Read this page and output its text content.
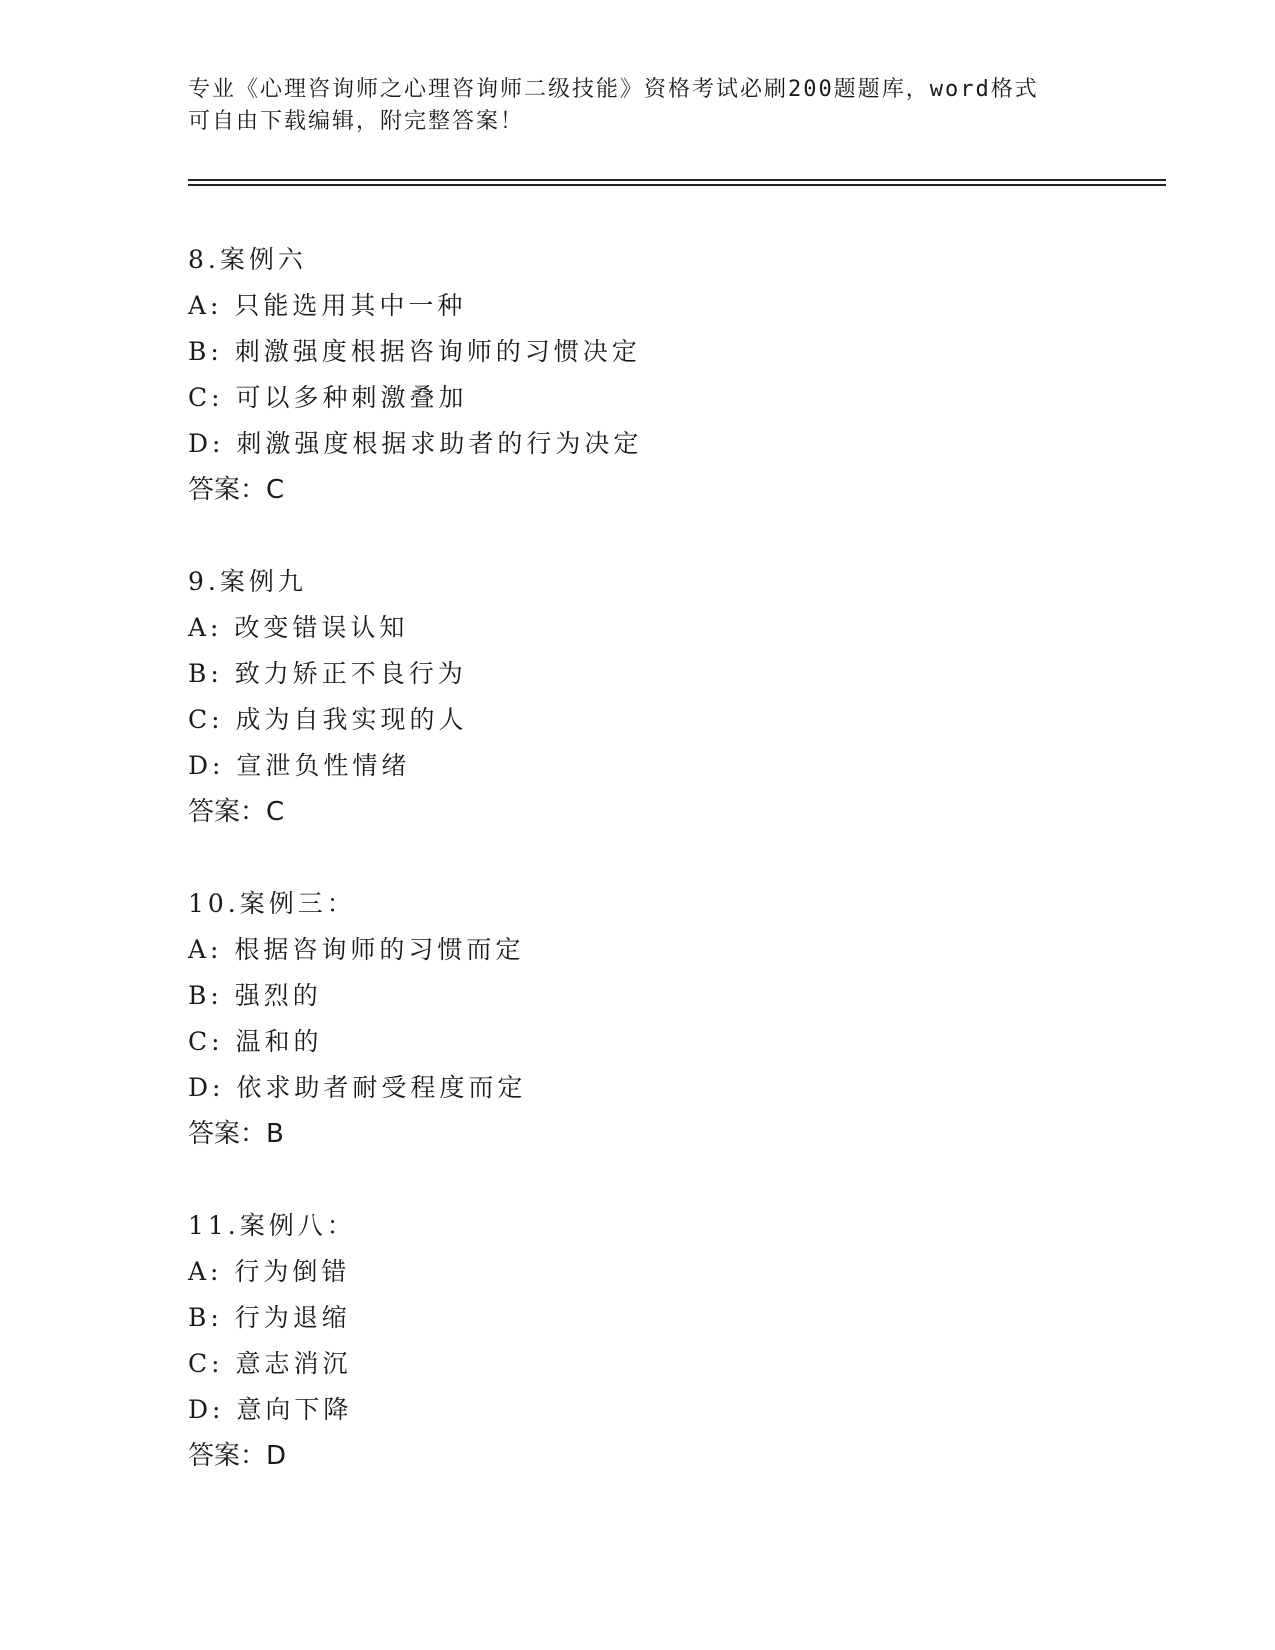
专业《心理咨询师之心理咨询师二级技能》资格考试必刷200题题库，word格式
可自由下载编辑，附完整答案！
8.案例六
A: 只能选用其中一种
B: 刺激强度根据咨询师的习惯决定
C: 可以多种刺激叠加
D: 刺激强度根据求助者的行为决定
答案：C
9.案例九
A: 改变错误认知
B: 致力矫正不良行为
C: 成为自我实现的人
D: 宣泄负性情绪
答案：C
10.案例三：
A: 根据咨询师的习惯而定
B: 强烈的
C: 温和的
D: 依求助者耐受程度而定
答案：B
11.案例八：
A: 行为倒错
B: 行为退缩
C: 意志消沉
D: 意向下降
答案：D
